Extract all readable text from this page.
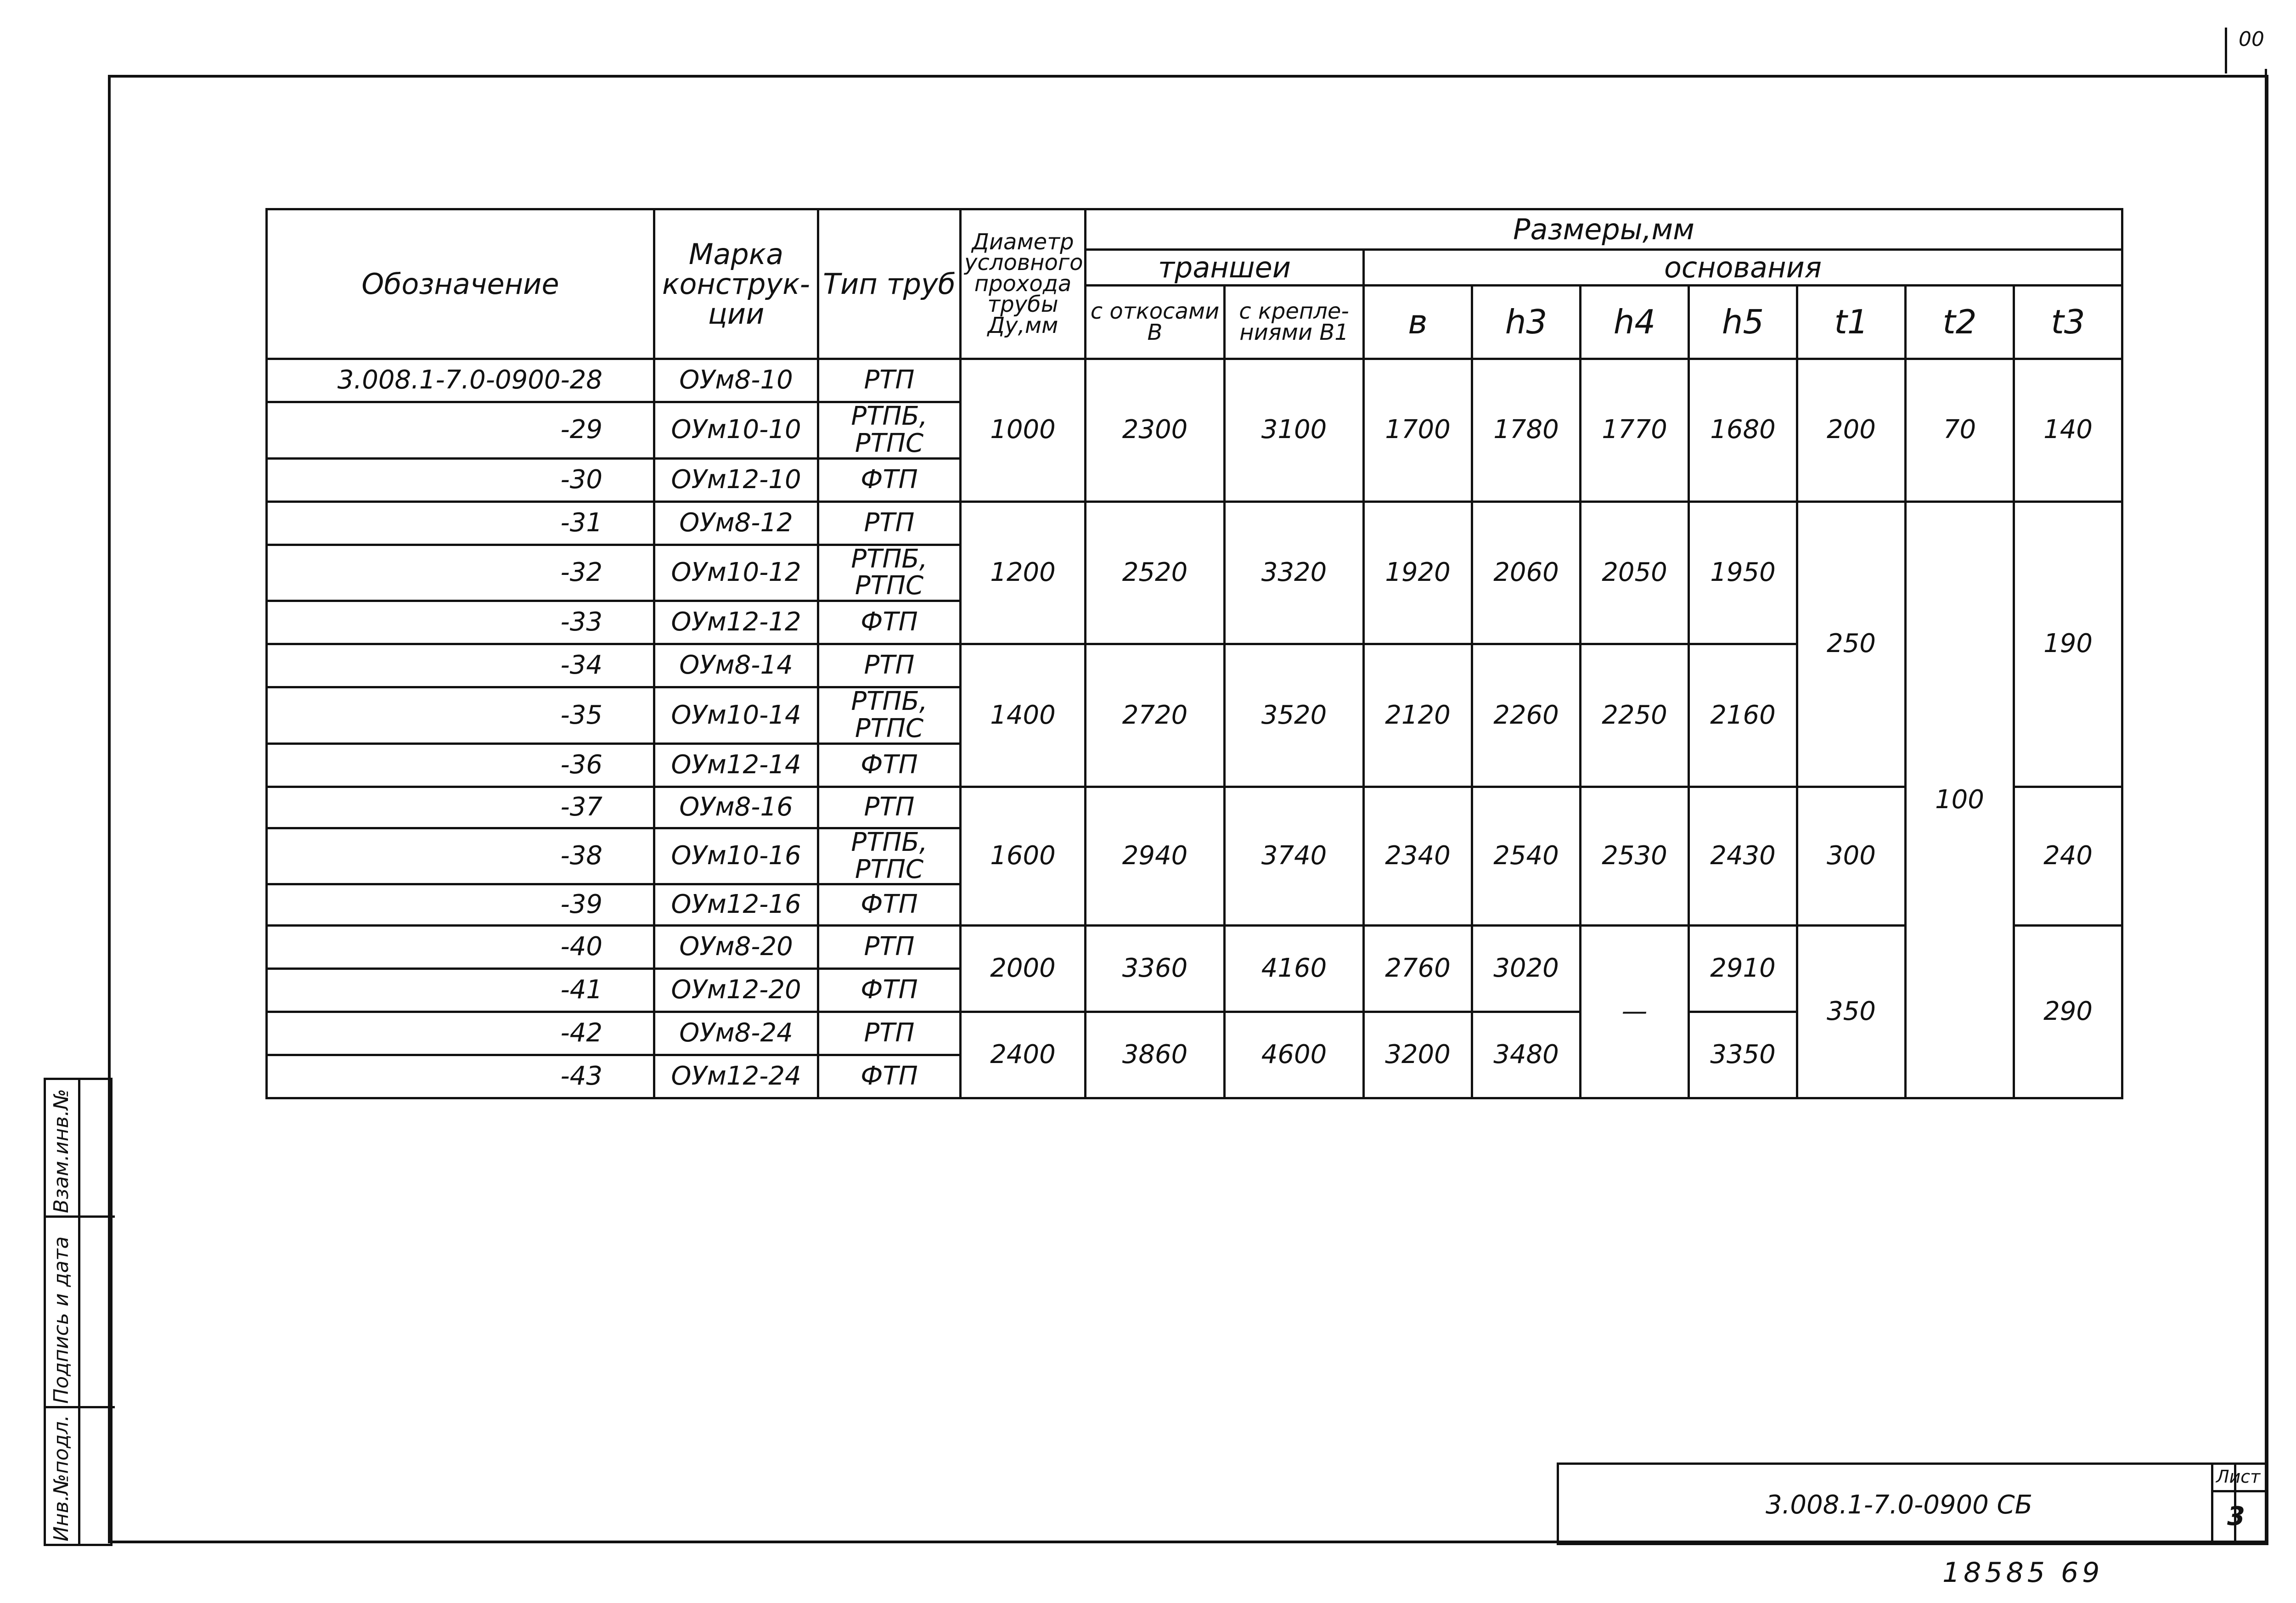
00
Инв.№подл.
Подпись и дата
Взам.инв.№
Обозначение	Марка конструк- ции	Тип труб	Диаметр условного прохода трубы Ду,мм	Размеры,мм								
				траншеи		основания						
				с откосами В	с крепле- ниями В1	в	h3	h4	h5	t1	t2	t3
3.008.1-7.0-0900-28	ОУм8-10	РТП	1000	2300	3100	1700	1780	1770	1680	200	70	140
-29	ОУм10-10	РТПБ, РТПС										
-30	ОУм12-10	ФТП										
-31	ОУм8-12	РТП	1200	2520	3320	1920	2060	2050	1950	250	100	190
-32	ОУм10-12	РТПБ, РТПС										
-33	ОУм12-12	ФТП										
-34	ОУм8-14	РТП	1400	2720	3520	2120	2260	2250	2160			
-35	ОУм10-14	РТПБ, РТПС										
-36	ОУм12-14	ФТП										
-37	ОУм8-16	РТП	1600	2940	3740	2340	2540	2530	2430	300		240
-38	ОУм10-16	РТПБ, РТПС										
-39	ОУм12-16	ФТП										
-40	ОУм8-20	РТП	2000	3360	4160	2760	3020	—	2910	350		290
-41	ОУм12-20	ФТП										
-42	ОУм8-24	РТП	2400	3860	4600	3200	3480		3350			
-43	ОУм12-24	ФТП										
3.008.1-7.0-0900 СБ
Лист
3
18585 69
